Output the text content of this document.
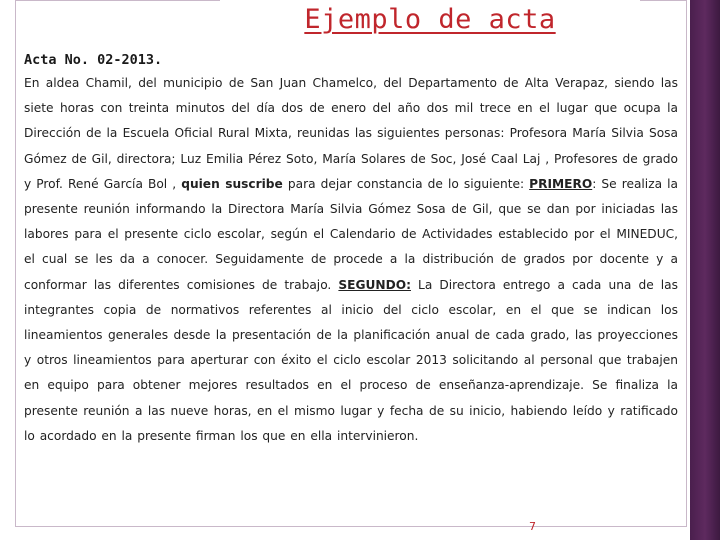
Ejemplo de acta
Acta No. 02-2013.
En aldea Chamil, del municipio de San Juan Chamelco, del Departamento de Alta Verapaz, siendo las siete horas con treinta minutos del día dos de enero del año dos mil trece en el lugar que ocupa la Dirección de la Escuela Oficial Rural Mixta, reunidas las siguientes personas: Profesora María Silvia Sosa Gómez de Gil, directora; Luz Emilia Pérez Soto, María Solares de Soc, José Caal Laj , Profesores de grado y Prof. René García Bol , quien suscribe para dejar constancia de lo siguiente: PRIMERO: Se realiza la presente reunión informando la Directora María Silvia Gómez Sosa de Gil, que se dan por iniciadas las labores para el presente ciclo escolar, según el Calendario de Actividades establecido por el MINEDUC, el cual se les da a conocer. Seguidamente de procede a la distribución de grados por docente y a conformar las diferentes comisiones de trabajo. SEGUNDO: La Directora entrego a cada una de las integrantes copia de normativos referentes al inicio del ciclo escolar, en el que se indican los lineamientos generales desde la presentación de la planificación anual de cada grado, las proyecciones y otros lineamientos para aperturar con éxito el ciclo escolar 2013 solicitando al personal que trabajen en equipo para obtener mejores resultados en el proceso de enseñanza-aprendizaje. Se finaliza la presente reunión a las nueve horas, en el mismo lugar y fecha de su inicio, habiendo leído y ratificado lo acordado en la presente firman los que en ella intervinieron.
7
